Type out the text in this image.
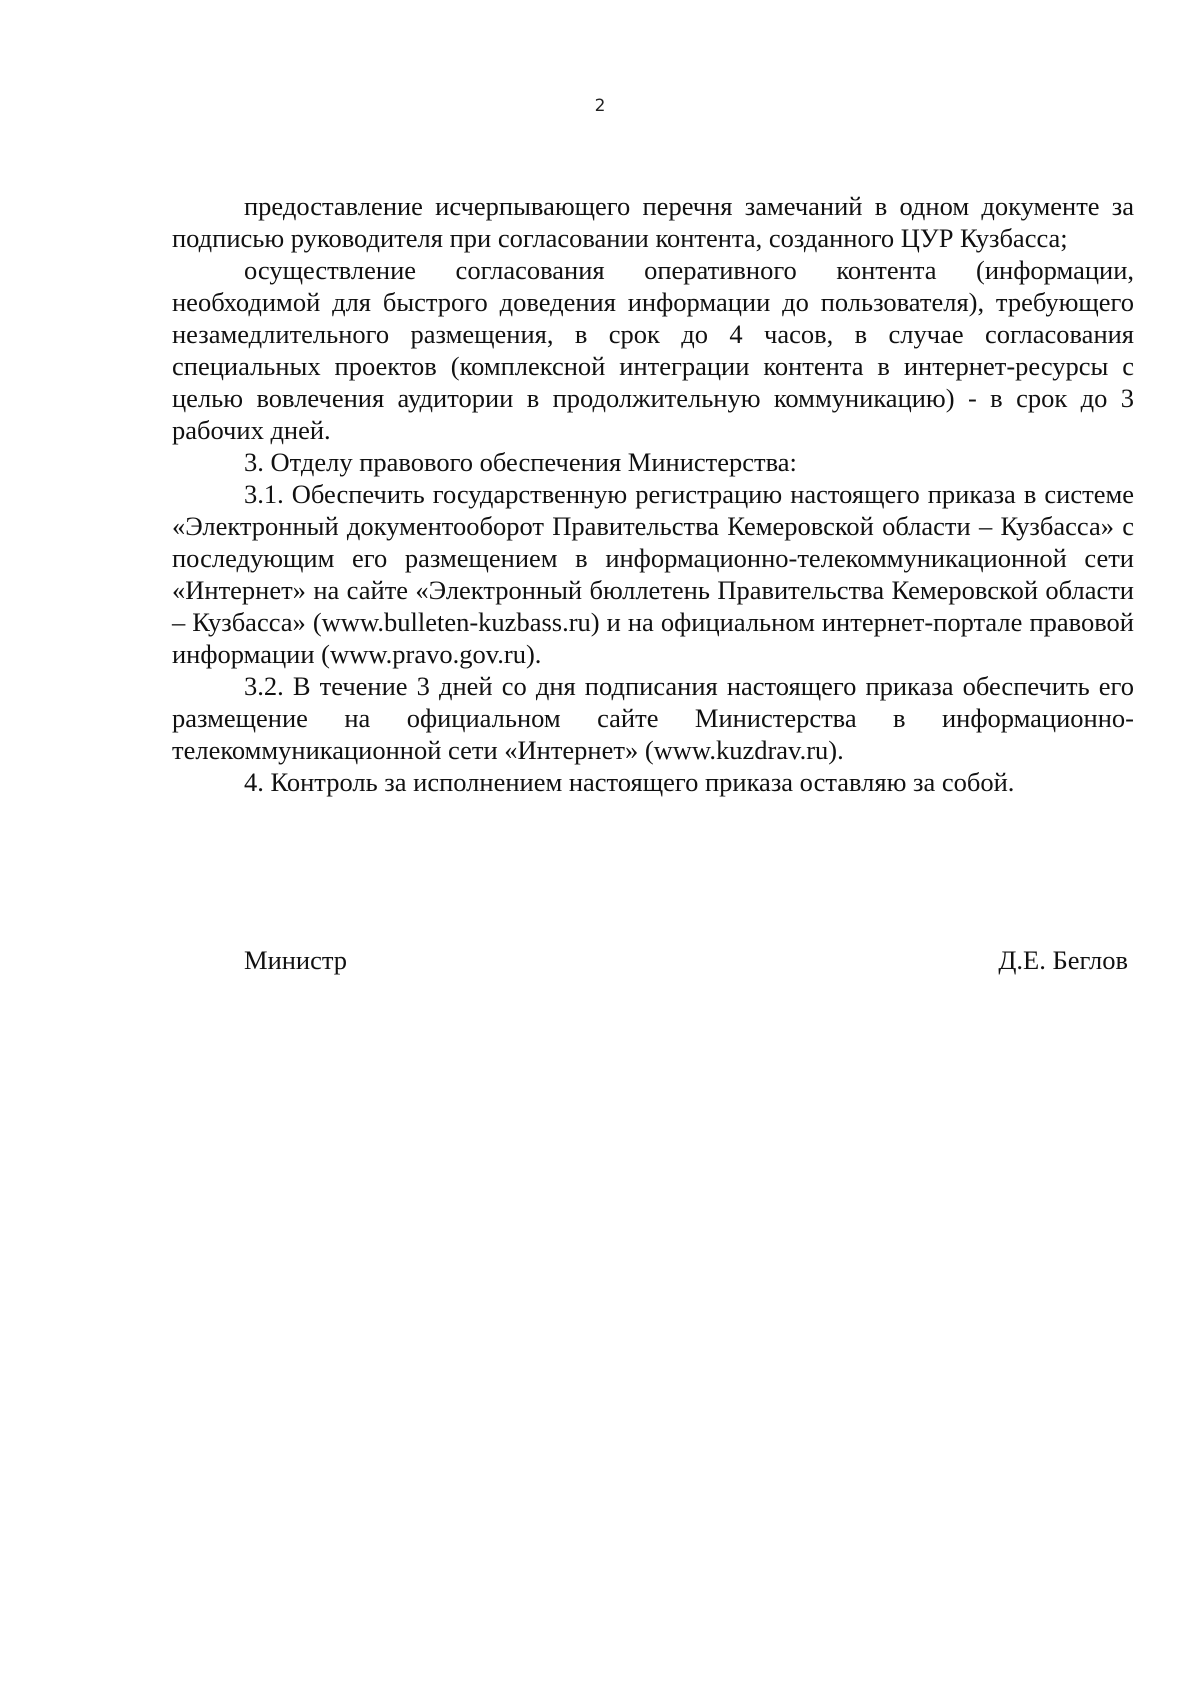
2

предоставление исчерпывающего перечня замечаний в одном документе за подписью руководителя при согласовании контента, созданного ЦУР Кузбасса;

осуществление согласования оперативного контента (информации, необходимой для быстрого доведения информации до пользователя), требующего незамедлительного размещения, в срок до 4 часов, в случае согласования специальных проектов (комплексной интеграции контента в интернет-ресурсы с целью вовлечения аудитории в продолжительную коммуникацию) - в срок до 3 рабочих дней.

3. Отделу правового обеспечения Министерства:

3.1. Обеспечить государственную регистрацию настоящего приказа в системе «Электронный документооборот Правительства Кемеровской области – Кузбасса» с последующим его размещением в информационно-телекоммуникационной сети «Интернет» на сайте «Электронный бюллетень Правительства Кемеровской области – Кузбасса» (www.bulleten-kuzbass.ru) и на официальном интернет-портале правовой информации (www.pravo.gov.ru).

3.2. В течение 3 дней со дня подписания настоящего приказа обеспечить его размещение на официальном сайте Министерства в информационно-телекоммуникационной сети «Интернет» (www.kuzdrav.ru).

4. Контроль за исполнением настоящего приказа оставляю за собой.

Министр	Д.Е. Беглов
